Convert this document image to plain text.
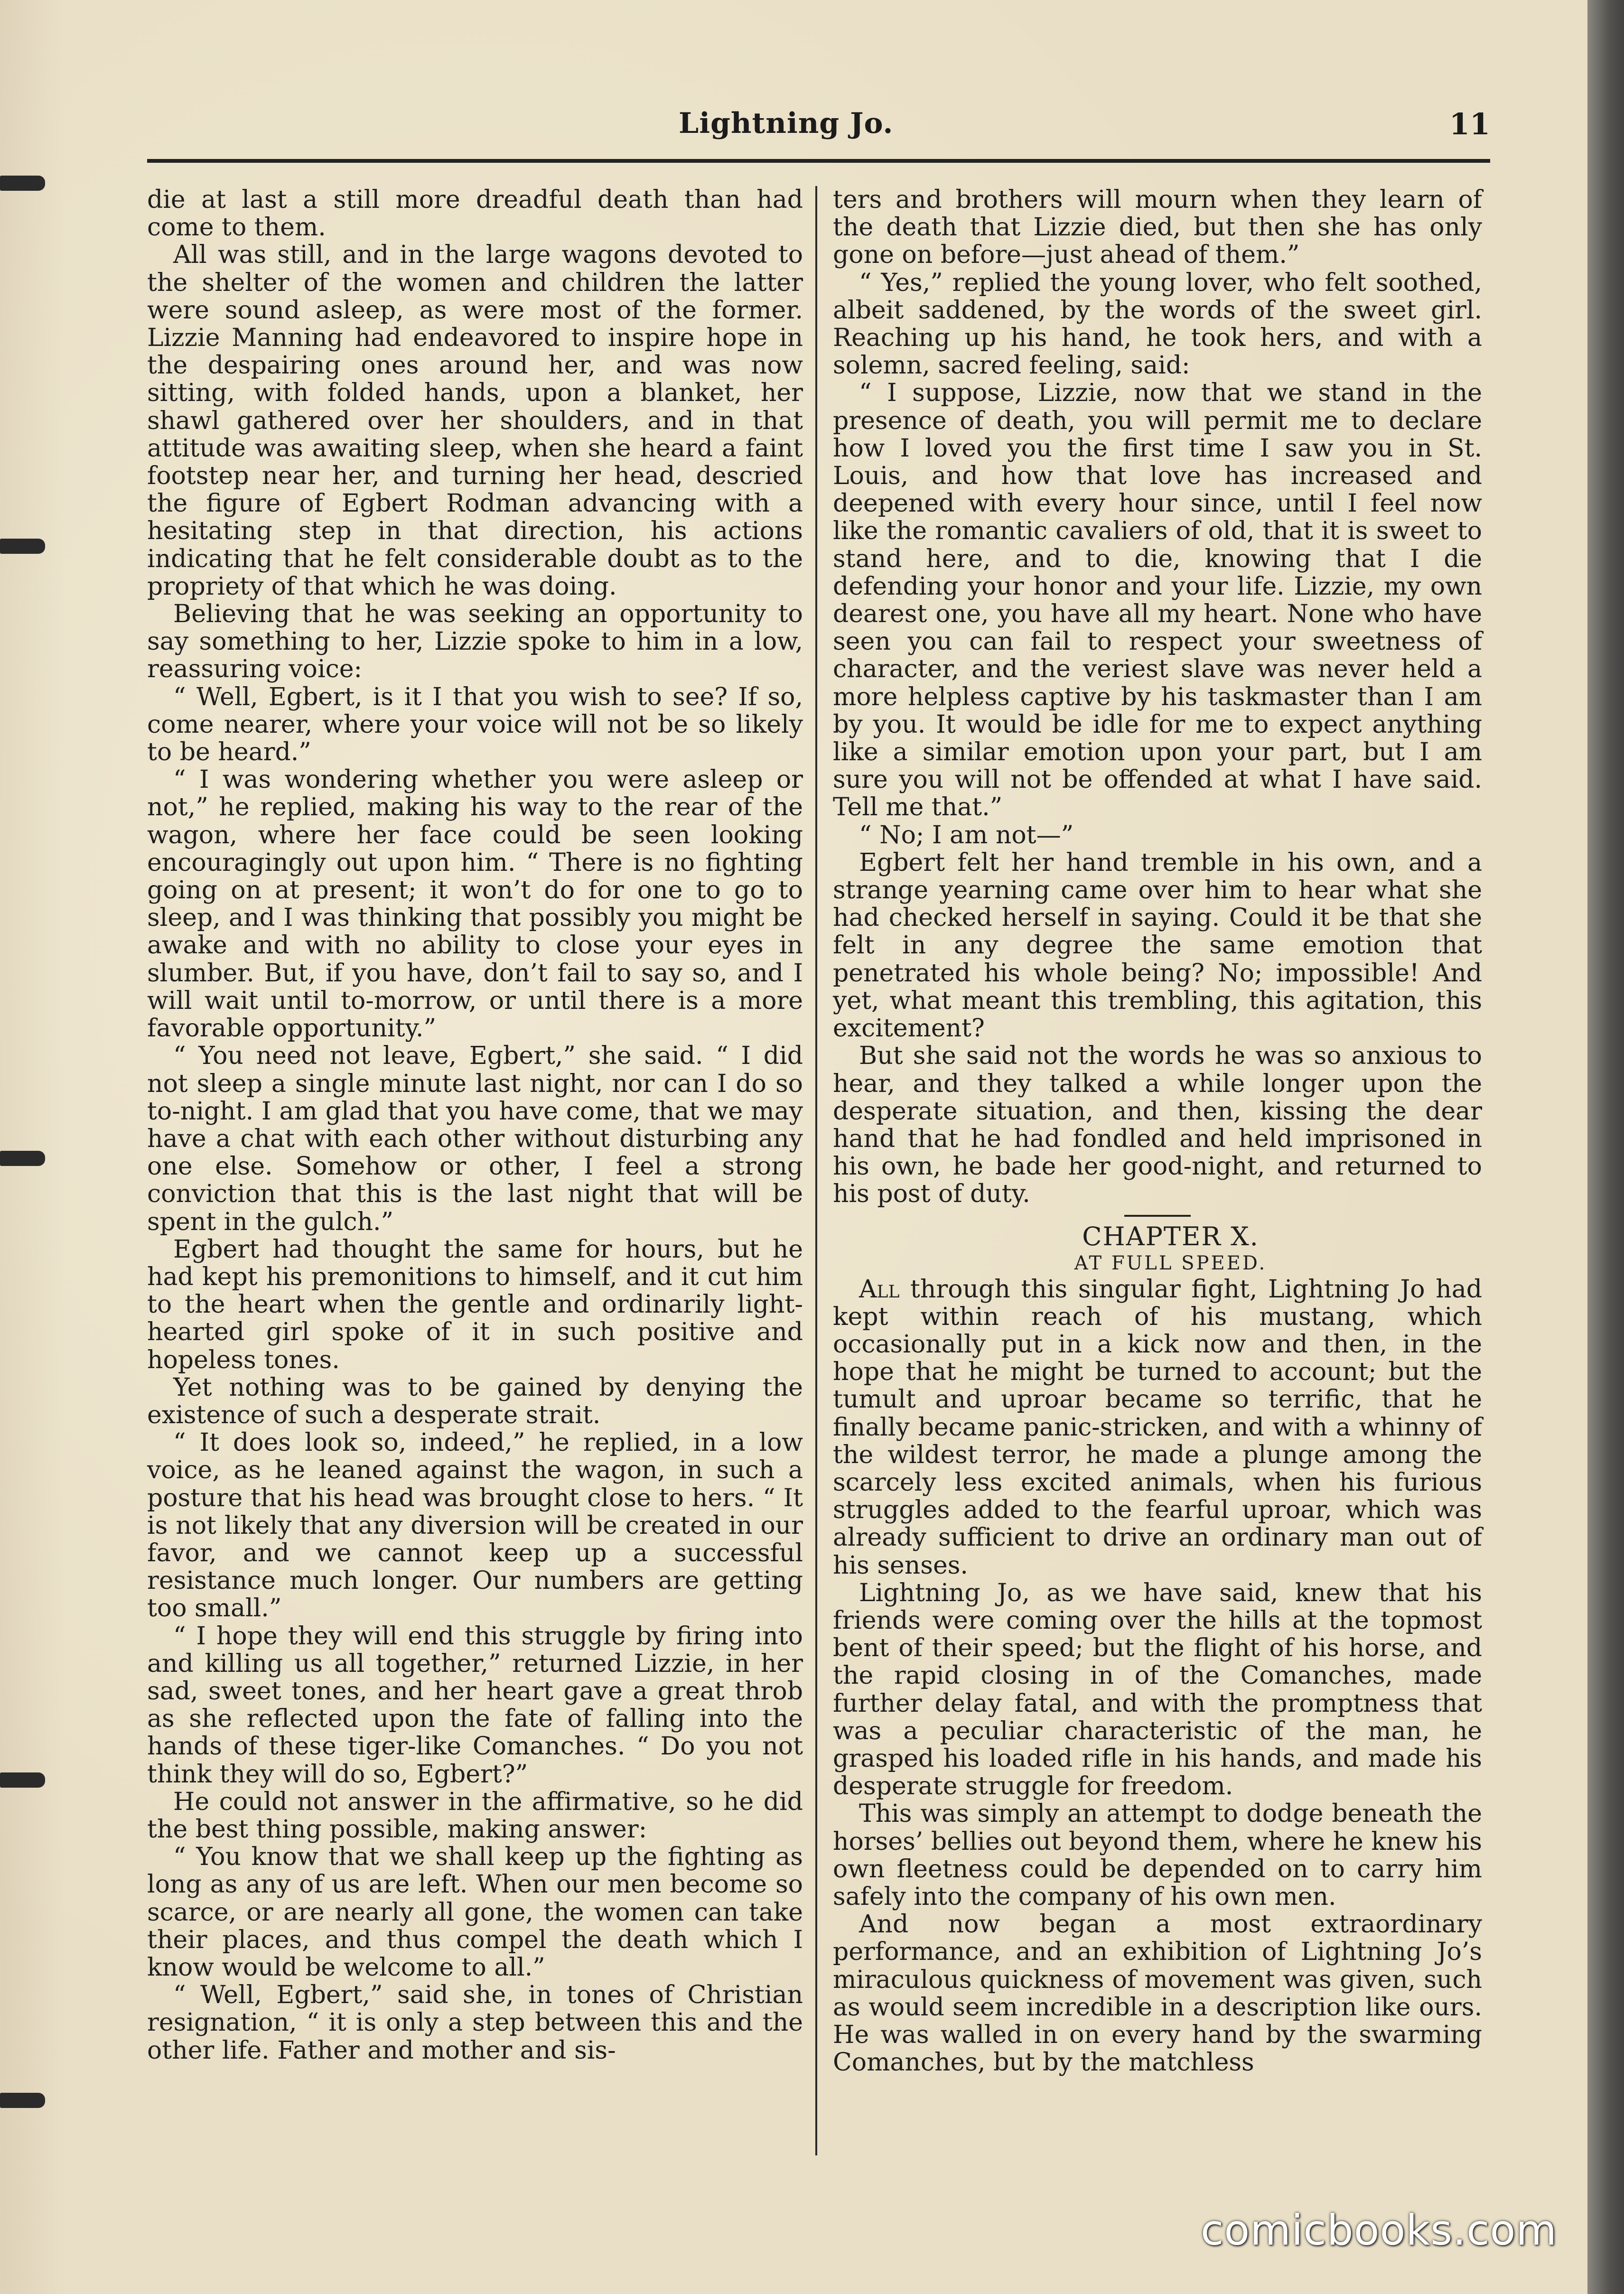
Lightning Jo.	11

die at last a still more dreadful death than had come to them.

All was still, and in the large wagons devoted to the shelter of the women and children the latter were sound asleep, as were most of the former. Lizzie Manning had endeavored to inspire hope in the despairing ones around her, and was now sitting, with folded hands, upon a blanket, her shawl gathered over her shoulders, and in that attitude was awaiting sleep, when she heard a faint footstep near her, and turning her head, descried the figure of Egbert Rodman advancing with a hesitating step in that direction, his actions indicating that he felt considerable doubt as to the propriety of that which he was doing.

Believing that he was seeking an opportunity to say something to her, Lizzie spoke to him in a low, reassuring voice:

“ Well, Egbert, is it I that you wish to see? If so, come nearer, where your voice will not be so likely to be heard.”

“ I was wondering whether you were asleep or not,” he replied, making his way to the rear of the wagon, where her face could be seen looking encouragingly out upon him. “ There is no fighting going on at present; it won’t do for one to go to sleep, and I was thinking that possibly you might be awake and with no ability to close your eyes in slumber. But, if you have, don’t fail to say so, and I will wait until to-morrow, or until there is a more favorable opportunity.”

“ You need not leave, Egbert,” she said. “ I did not sleep a single minute last night, nor can I do so to-night. I am glad that you have come, that we may have a chat with each other without disturbing any one else. Somehow or other, I feel a strong conviction that this is the last night that will be spent in the gulch.”

Egbert had thought the same for hours, but he had kept his premonitions to himself, and it cut him to the heart when the gentle and ordinarily light-hearted girl spoke of it in such positive and hopeless tones.

Yet nothing was to be gained by denying the existence of such a desperate strait.

“ It does look so, indeed,” he replied, in a low voice, as he leaned against the wagon, in such a posture that his head was brought close to hers. “ It is not likely that any diversion will be created in our favor, and we cannot keep up a successful resistance much longer. Our numbers are getting too small.”

“ I hope they will end this struggle by firing into and killing us all together,” returned Lizzie, in her sad, sweet tones, and her heart gave a great throb as she reflected upon the fate of falling into the hands of these tiger-like Comanches. “ Do you not think they will do so, Egbert?”

He could not answer in the affirmative, so he did the best thing possible, making answer:

“ You know that we shall keep up the fighting as long as any of us are left. When our men become so scarce, or are nearly all gone, the women can take their places, and thus compel the death which I know would be welcome to all.”

“ Well, Egbert,” said she, in tones of Christian resignation, “ it is only a step between this and the other life. Father and mother and sis-

ters and brothers will mourn when they learn of the death that Lizzie died, but then she has only gone on before—just ahead of them.”

“ Yes,” replied the young lover, who felt soothed, albeit saddened, by the words of the sweet girl. Reaching up his hand, he took hers, and with a solemn, sacred feeling, said:

“ I suppose, Lizzie, now that we stand in the presence of death, you will permit me to declare how I loved you the first time I saw you in St. Louis, and how that love has increased and deepened with every hour since, until I feel now like the romantic cavaliers of old, that it is sweet to stand here, and to die, knowing that I die defending your honor and your life. Lizzie, my own dearest one, you have all my heart. None who have seen you can fail to respect your sweetness of character, and the veriest slave was never held a more helpless captive by his taskmaster than I am by you. It would be idle for me to expect anything like a similar emotion upon your part, but I am sure you will not be offended at what I have said. Tell me that.”

“ No; I am not—”

Egbert felt her hand tremble in his own, and a strange yearning came over him to hear what she had checked herself in saying. Could it be that she felt in any degree the same emotion that penetrated his whole being? No; impossible! And yet, what meant this trembling, this agitation, this excitement?

But she said not the words he was so anxious to hear, and they talked a while longer upon the desperate situation, and then, kissing the dear hand that he had fondled and held imprisoned in his own, he bade her good-night, and returned to his post of duty.

CHAPTER X.

AT FULL SPEED.

All through this singular fight, Lightning Jo had kept within reach of his mustang, which occasionally put in a kick now and then, in the hope that he might be turned to account; but the tumult and uproar became so terrific, that he finally became panic-stricken, and with a whinny of the wildest terror, he made a plunge among the scarcely less excited animals, when his furious struggles added to the fearful uproar, which was already sufficient to drive an ordinary man out of his senses.

Lightning Jo, as we have said, knew that his friends were coming over the hills at the topmost bent of their speed; but the flight of his horse, and the rapid closing in of the Comanches, made further delay fatal, and with the promptness that was a peculiar characteristic of the man, he grasped his loaded rifle in his hands, and made his desperate struggle for freedom.

This was simply an attempt to dodge beneath the horses’ bellies out beyond them, where he knew his own fleetness could be depended on to carry him safely into the company of his own men.

And now began a most extraordinary performance, and an exhibition of Lightning Jo’s miraculous quickness of movement was given, such as would seem incredible in a description like ours. He was walled in on every hand by the swarming Comanches, but by the matchless

comicbooks.com
